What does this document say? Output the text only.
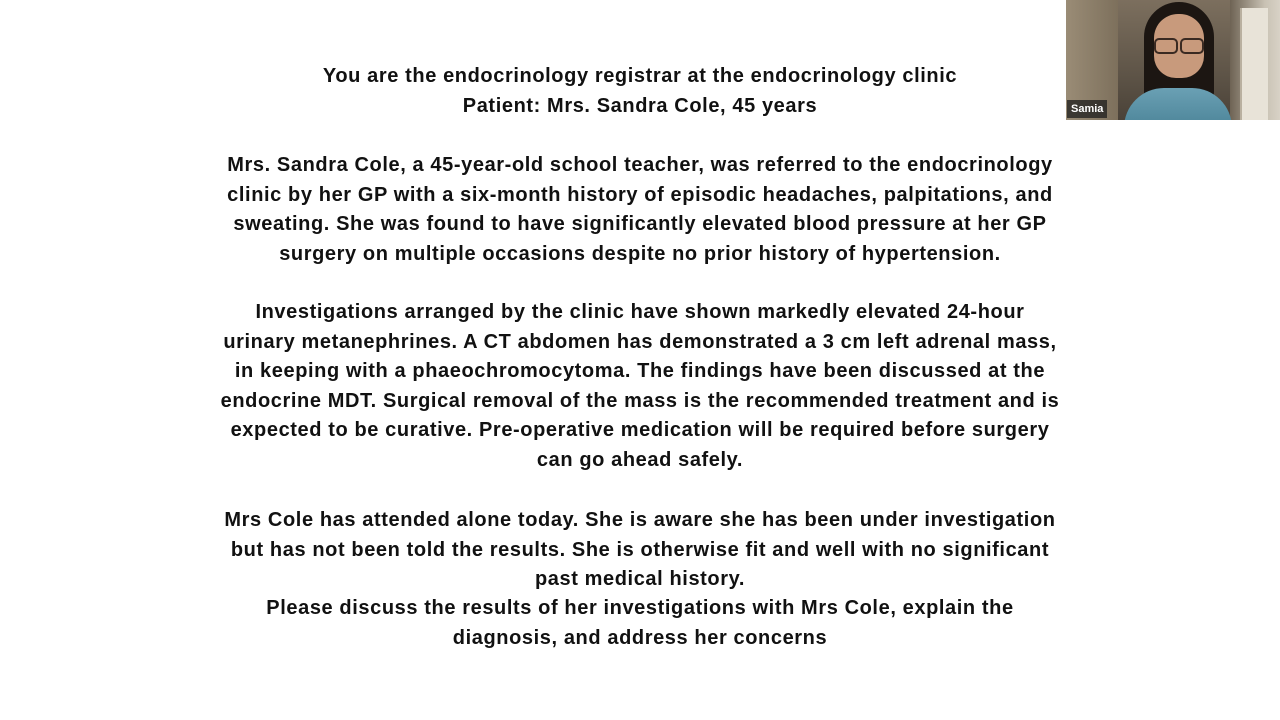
You are the endocrinology registrar at the endocrinology clinic
Patient: Mrs. Sandra Cole, 45 years

Mrs. Sandra Cole, a 45-year-old school teacher, was referred to the endocrinology
clinic by her GP with a six-month history of episodic headaches, palpitations, and
sweating. She was found to have significantly elevated blood pressure at her GP
surgery on multiple occasions despite no prior history of hypertension.

Investigations arranged by the clinic have shown markedly elevated 24-hour
urinary metanephrines. A CT abdomen has demonstrated a 3 cm left adrenal mass,
in keeping with a phaeochromocytoma. The findings have been discussed at the
endocrine MDT. Surgical removal of the mass is the recommended treatment and is
expected to be curative. Pre-operative medication will be required before surgery
can go ahead safely.

Mrs Cole has attended alone today. She is aware she has been under investigation
but has not been told the results. She is otherwise fit and well with no significant
past medical history.

Please discuss the results of her investigations with Mrs Cole, explain the
diagnosis, and address her concerns

Samia
